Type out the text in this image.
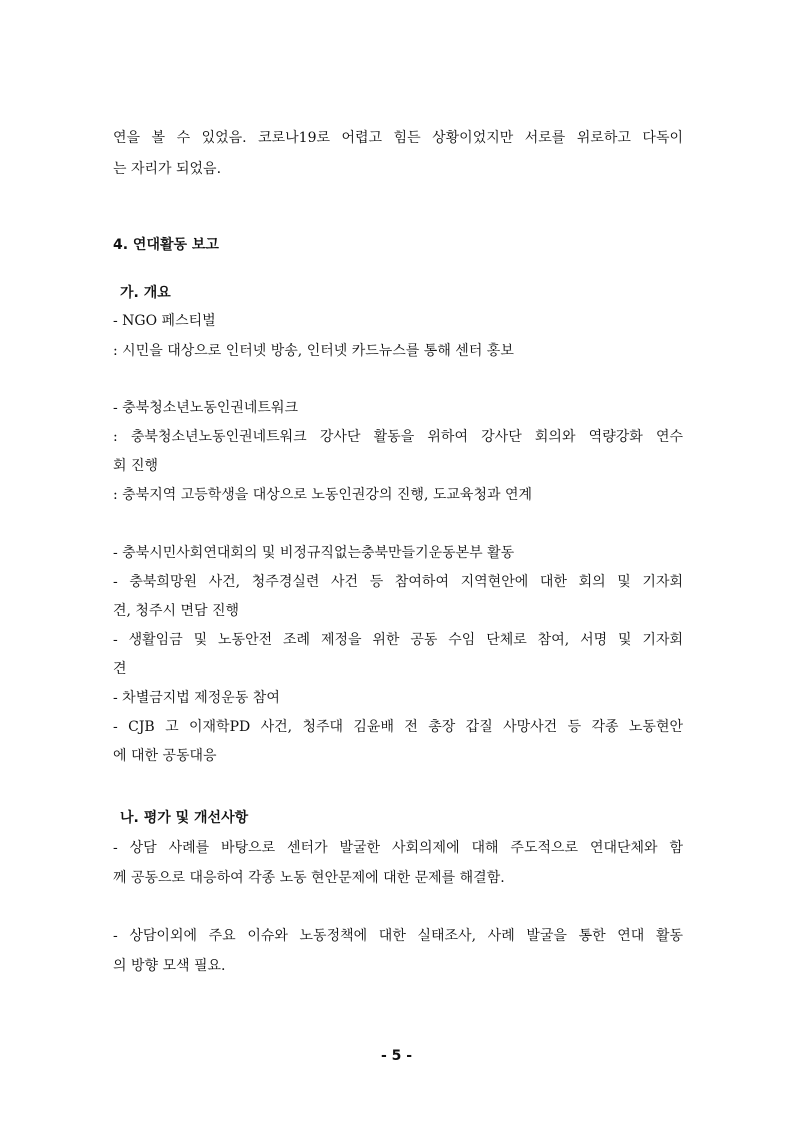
연을 볼 수 있었음. 코로나19로 어렵고 힘든 상황이었지만 서로를 위로하고 다독이
는 자리가 되었음.
4. 연대활동 보고
가. 개요
- NGO 페스티벌
: 시민을 대상으로 인터넷 방송, 인터넷 카드뉴스를 통해 센터 홍보
- 충북청소년노동인권네트워크
: 충북청소년노동인권네트워크 강사단 활동을 위하여 강사단 회의와 역량강화 연수
회 진행
: 충북지역 고등학생을 대상으로 노동인권강의 진행, 도교육청과 연계
- 충북시민사회연대회의 및 비정규직없는충북만들기운동본부 활동
- 충북희망원 사건, 청주경실련 사건 등 참여하여 지역현안에 대한 회의 및 기자회
견, 청주시 면담 진행
- 생활임금 및 노동안전 조례 제정을 위한 공동 수임 단체로 참여, 서명 및 기자회
견
- 차별금지법 제정운동 참여
- CJB 고 이재학PD 사건, 청주대 김윤배 전 총장 갑질 사망사건 등 각종 노동현안
에 대한 공동대응
나. 평가 및 개선사항
- 상담 사례를 바탕으로 센터가 발굴한 사회의제에 대해 주도적으로 연대단체와 함
께 공동으로 대응하여 각종 노동 현안문제에 대한 문제를 해결함.
- 상담이외에 주요 이슈와 노동정책에 대한 실태조사, 사례 발굴을 통한 연대 활동
의 방향 모색 필요.
- 5 -
